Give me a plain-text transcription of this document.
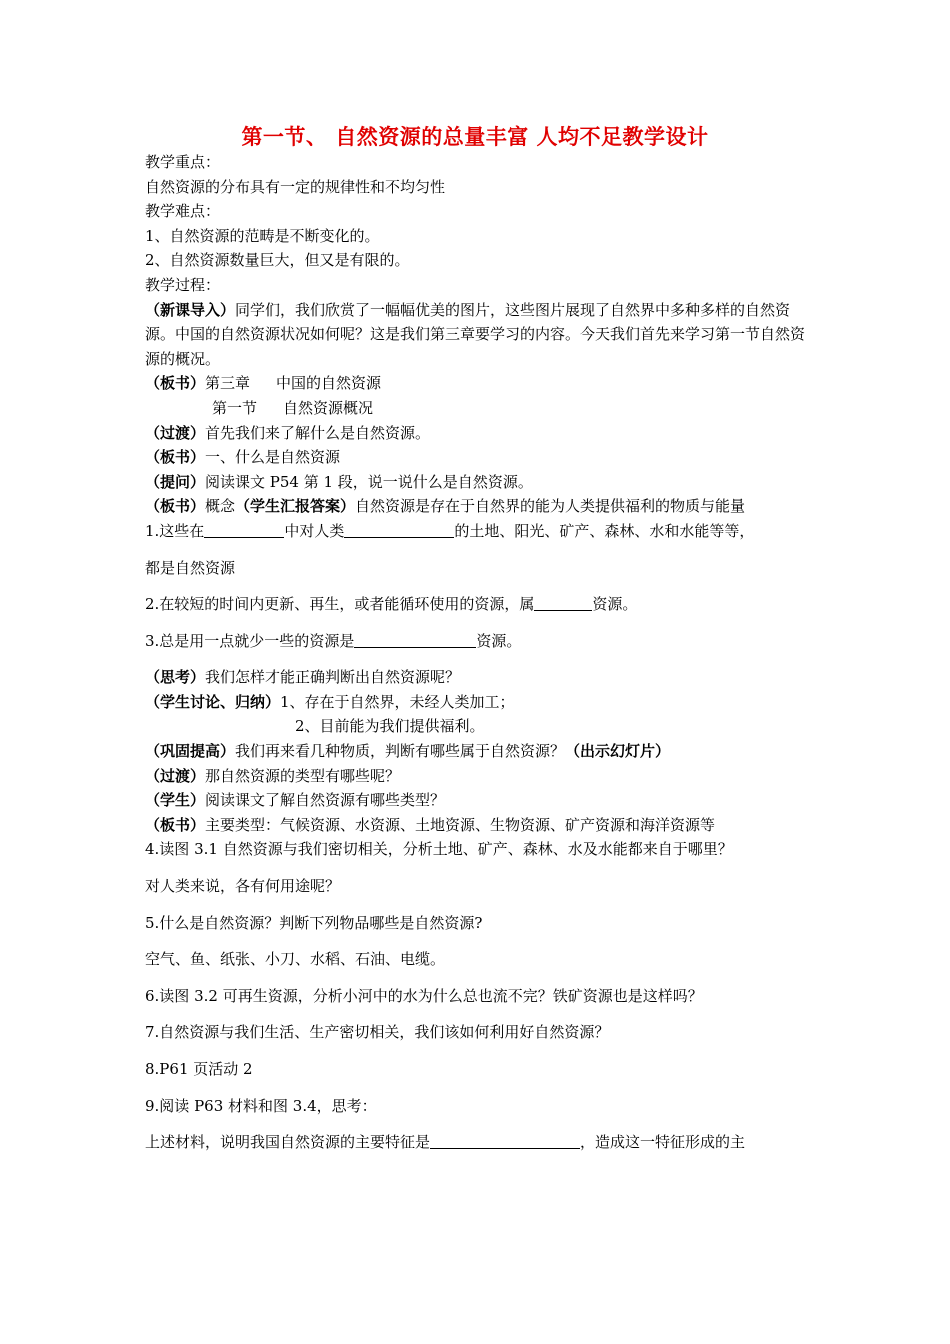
第一节、 自然资源的总量丰富 人均不足教学设计
教学重点：
自然资源的分布具有一定的规律性和不均匀性
教学难点：
1、自然资源的范畴是不断变化的。
2、自然资源数量巨大，但又是有限的。
教学过程：
（新课导入）同学们，我们欣赏了一幅幅优美的图片，这些图片展现了自然界中多种多样的自然资源。中国的自然资源状况如何呢？这是我们第三章要学习的内容。今天我们首先来学习第一节自然资源的概况。
（板书）第三章 中国的自然资源
第一节 自然资源概况
（过渡）首先我们来了解什么是自然资源。
（板书）一、什么是自然资源
（提问）阅读课文 P54 第 1 段，说一说什么是自然资源。
（板书）概念（学生汇报答案）自然资源是存在于自然界的能为人类提供福利的物质与能量
1.这些在	中对人类	的土地、阳光、矿产、森林、水和水能等等，
都是自然资源
2.在较短的时间内更新、再生，或者能循环使用的资源，属	资源。
3.总是用一点就少一些的资源是	资源。
（思考）我们怎样才能正确判断出自然资源呢？
（学生讨论、归纳）1、存在于自然界，未经人类加工；
2、目前能为我们提供福利。
（巩固提高）我们再来看几种物质，判断有哪些属于自然资源？（出示幻灯片）
（过渡）那自然资源的类型有哪些呢？
（学生）阅读课文了解自然资源有哪些类型？
（板书）主要类型：气候资源、水资源、土地资源、生物资源、矿产资源和海洋资源等
4.读图 3.1 自然资源与我们密切相关，分析土地、矿产、森林、水及水能都来自于哪里？
对人类来说，各有何用途呢？
5.什么是自然资源？判断下列物品哪些是自然资源?
空气、鱼、纸张、小刀、水稻、石油、电缆。
6.读图 3.2 可再生资源，分析小河中的水为什么总也流不完？铁矿资源也是这样吗？
7.自然资源与我们生活、生产密切相关，我们该如何利用好自然资源？
8.P61 页活动 2
9.阅读 P63 材料和图 3.4，思考：
上述材料，说明我国自然资源的主要特征是	，造成这一特征形成的主
